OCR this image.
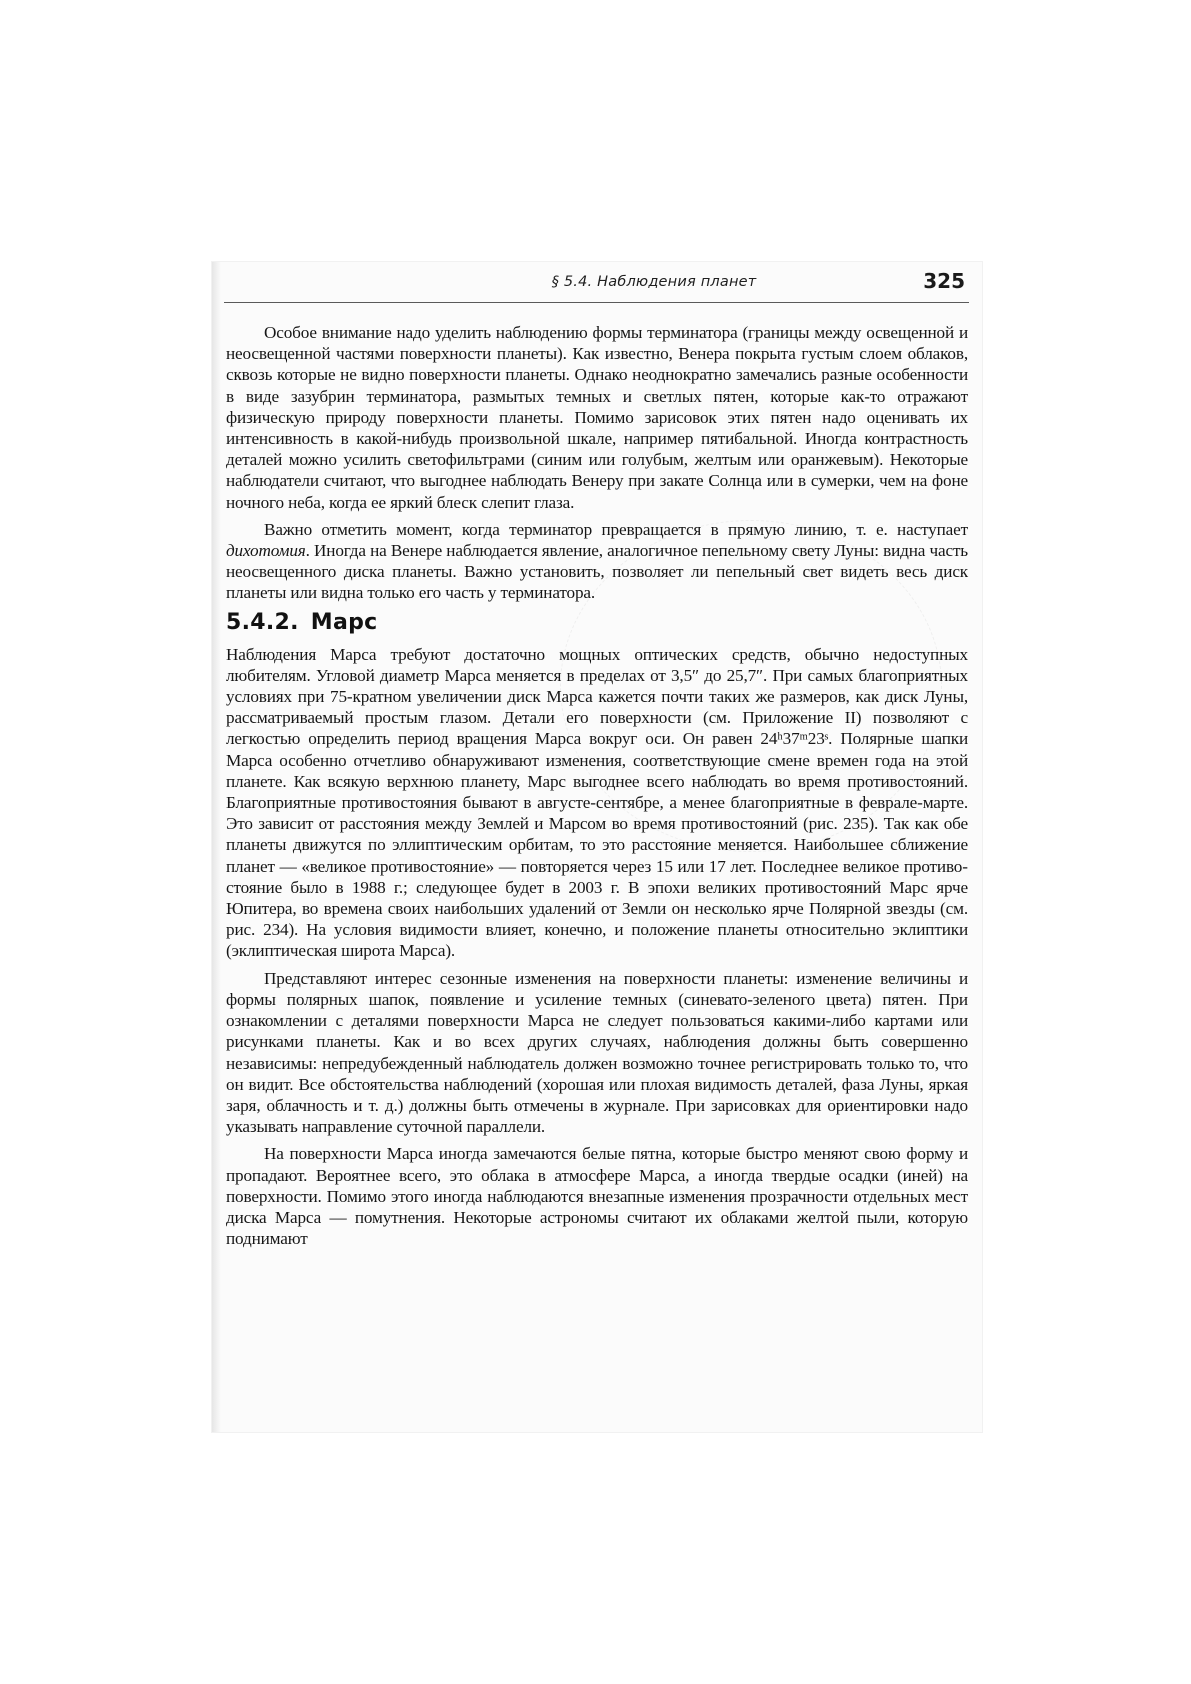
§ 5.4. Наблюдения планет	325

Особое внимание надо уделить наблюдению формы терминатора (границы между освещенной и неосвещенной частями поверхности планеты). Как известно, Венера покрыта густым слоем облаков, сквозь которые не видно поверхности планеты. Однако неоднократно замечались разные особенности в виде зазубрин терминатора, размытых темных и светлых пятен, которые как-то отражают физическую природу поверхности планеты. Помимо зарисовок этих пятен надо оценивать их интенсивность в какой-нибудь произвольной шкале, например пятибальной. Иногда контрастность деталей можно усилить светофильтрами (синим или голубым, желтым или оранжевым). Некоторые наблюдатели считают, что выгоднее наблюдать Венеру при закате Солнца или в сумерки, чем на фоне ночного неба, когда ее яркий блеск слепит глаза.

Важно отметить момент, когда терминатор превращается в прямую линию, т. е. наступает дихотомия. Иногда на Венере наблюдается явление, аналогичное пепельному свету Луны: видна часть неосвещенного диска планеты. Важно установить, позволяет ли пепельный свет видеть весь диск планеты или видна только его часть у терминатора.

5.4.2. Марс

Наблюдения Марса требуют достаточно мощных оптических средств, обычно недоступных любителям. Угловой диаметр Марса меняется в пределах от 3,5″ до 25,7″. При самых благоприятных условиях при 75-кратном увеличении диск Марса кажется почти таких же размеров, как диск Луны, рассматриваемый простым глазом. Детали его поверхности (см. Приложение II) позволяют с легкостью определить период вращения Марса вокруг оси. Он равен 24ʰ37ᵐ23ˢ. Полярные шапки Марса особенно отчетливо обнаруживают изменения, соответствующие смене времен года на этой планете. Как всякую верхнюю планету, Марс выгоднее всего наблюдать во время противостояний. Благоприятные противостояния бывают в августе-сентябре, а менее благоприятные в феврале-марте. Это зависит от расстояния между Землей и Марсом во время противостояний (рис. 235). Так как обе планеты движутся по эллиптическим орбитам, то это расстояние меняется. Наибольшее сближение планет — «великое противостояние» — повторяется через 15 или 17 лет. Последнее великое противостояние было в 1988 г.; следующее будет в 2003 г. В эпохи великих противостояний Марс ярче Юпитера, во времена своих наибольших удалений от Земли он несколько ярче Полярной звезды (см. рис. 234). На условия видимости влияет, конечно, и положение планеты относительно эклиптики (эклиптическая широта Марса).

Представляют интерес сезонные изменения на поверхности планеты: изменение величины и формы полярных шапок, появление и усиление темных (синевато-зеленого цвета) пятен. При ознакомлении с деталями поверхности Марса не следует пользоваться какими-либо картами или рисунками планеты. Как и во всех других случаях, наблюдения должны быть совершенно независимы: непредубежденный наблюдатель должен возможно точнее регистрировать только то, что он видит. Все обстоятельства наблюдений (хорошая или плохая видимость деталей, фаза Луны, яркая заря, облачность и т. д.) должны быть отмечены в журнале. При зарисовках для ориентировки надо указывать направление суточной параллели.

На поверхности Марса иногда замечаются белые пятна, которые быстро меняют свою форму и пропадают. Вероятнее всего, это облака в атмосфере Марса, а иногда твердые осадки (иней) на поверхности. Помимо этого иногда наблюдаются внезапные изменения прозрачности отдельных мест диска Марса — помутнения. Некоторые астрономы считают их облаками желтой пыли, которую поднимают
